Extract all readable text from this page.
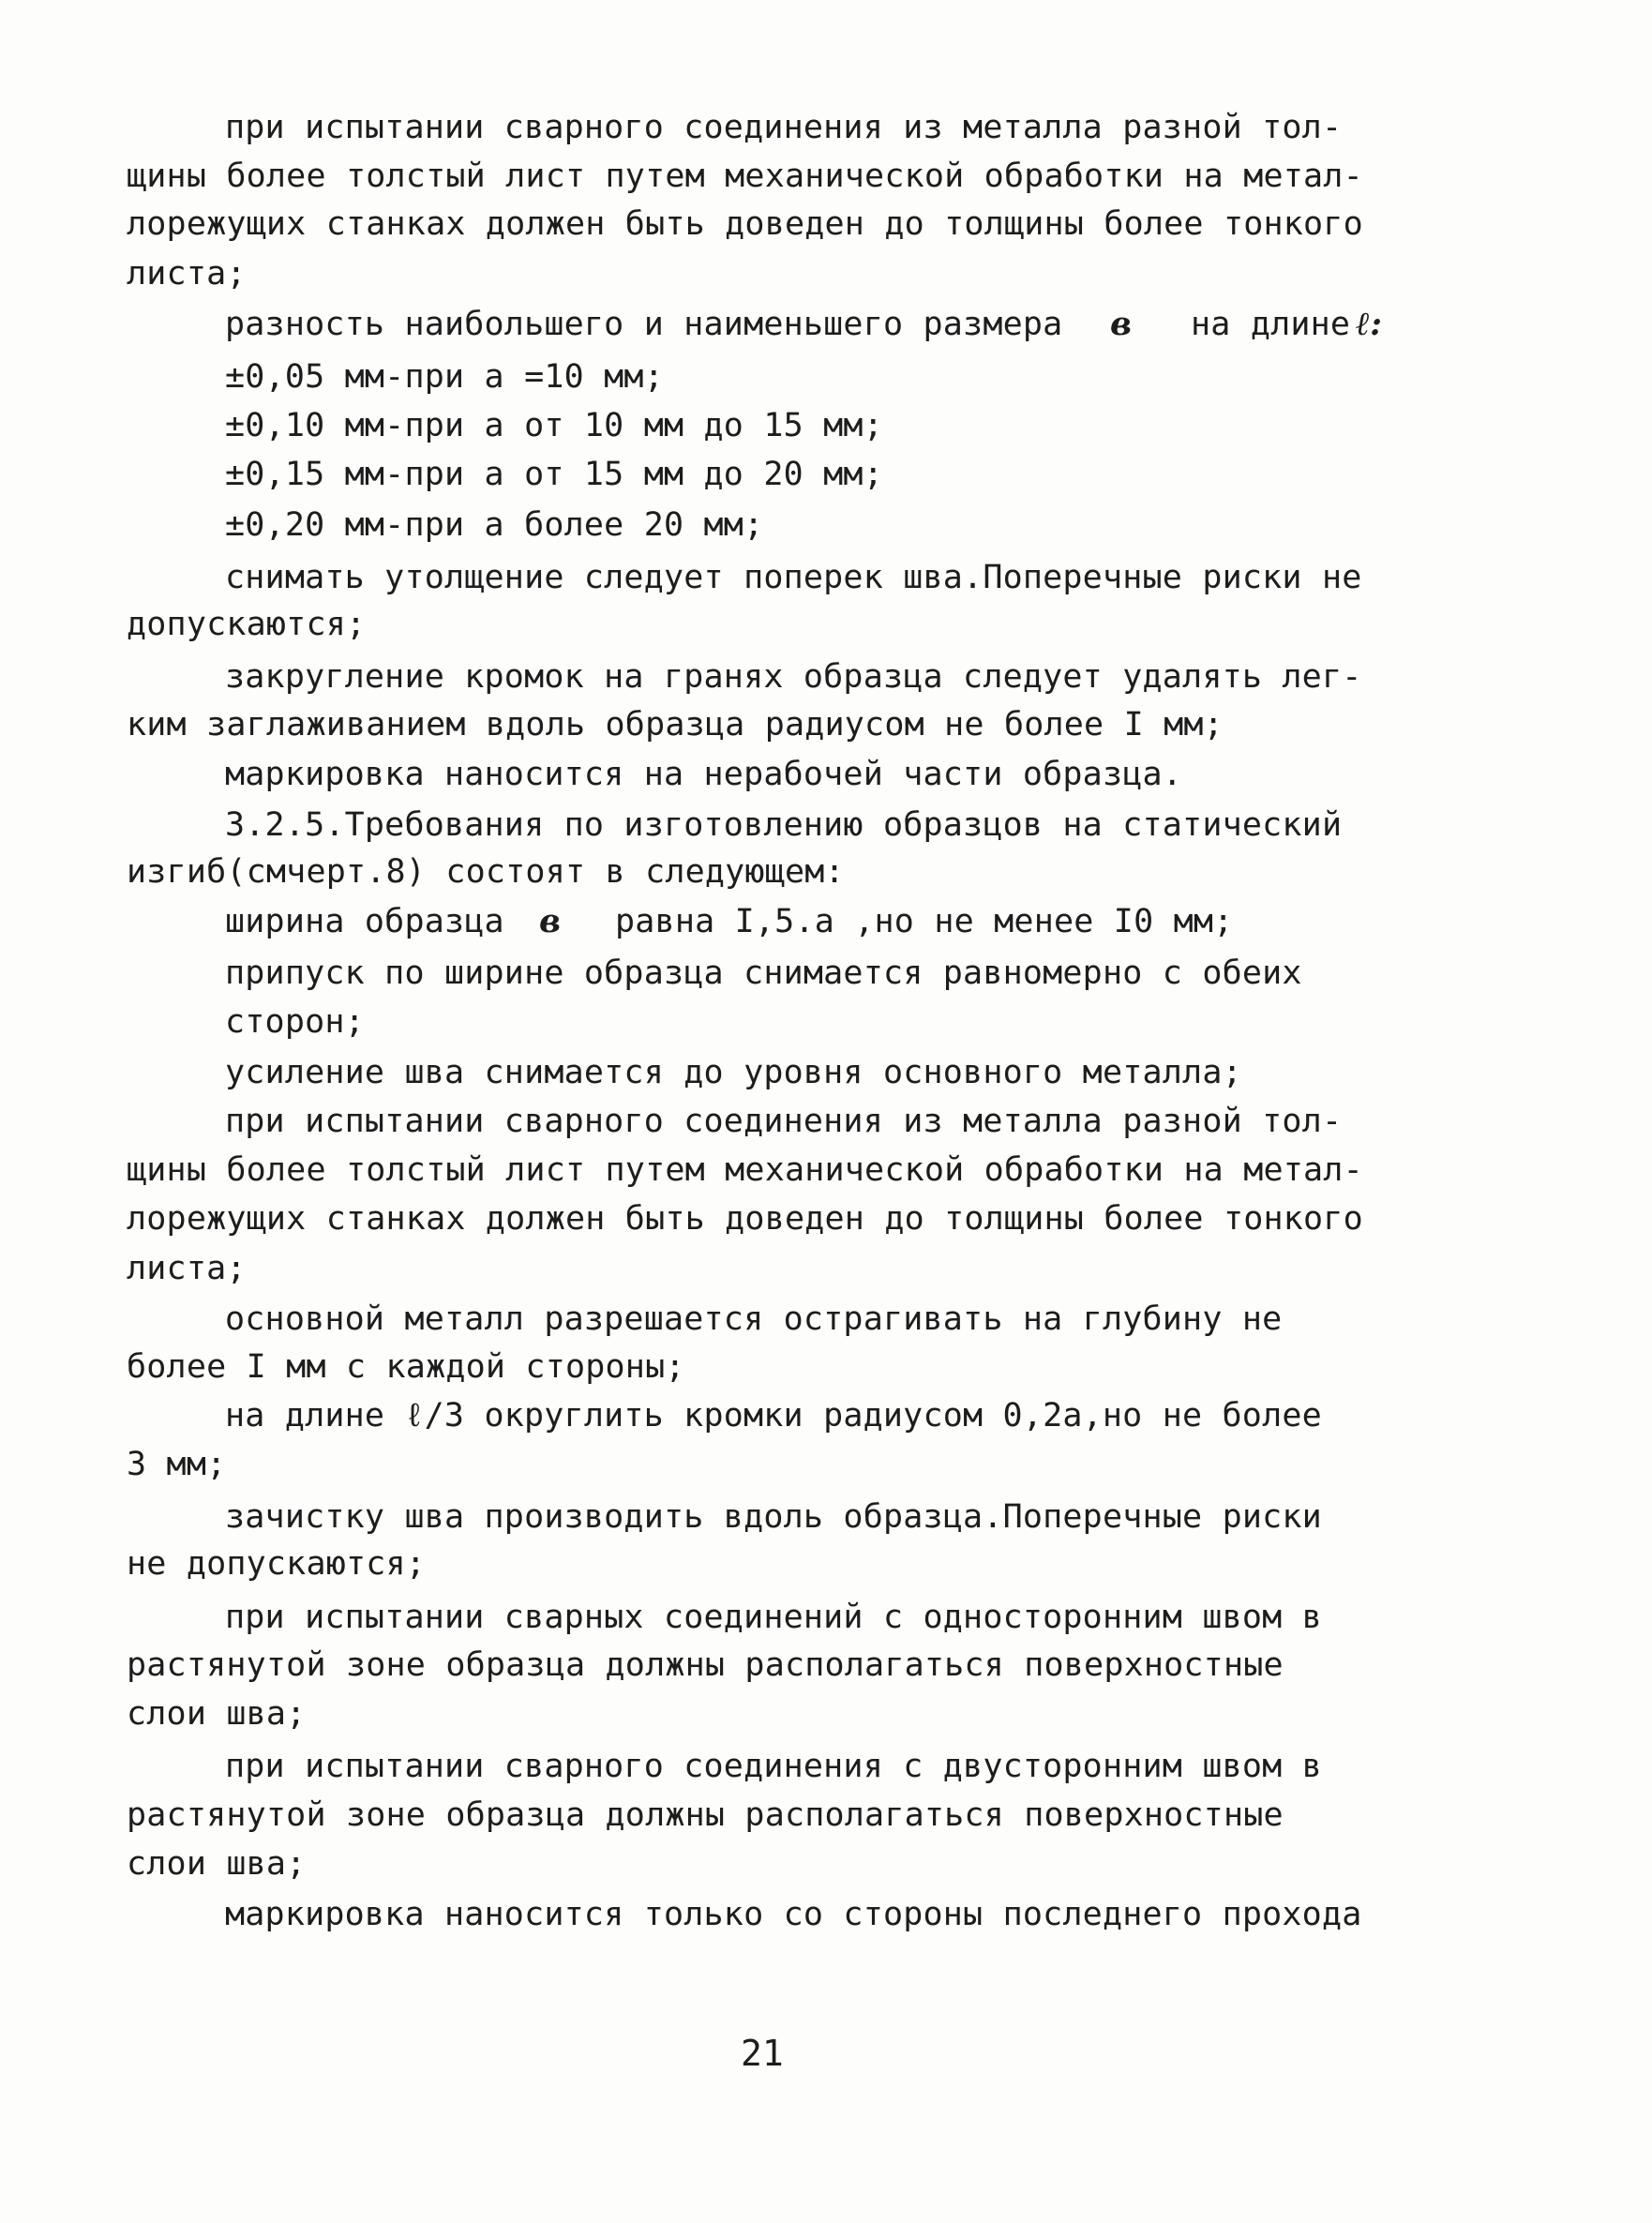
при испытании сварного соединения из металла разной тол-
щины более толстый лист путем механической обработки на метал-
лорежущих станках должен быть доведен до толщины более тонкого
листа;
разность наибольшего и наименьшего размера в на длине ℓ:
±0,05 мм-при а =10 мм;
±0,10 мм-при а от 10 мм до 15 мм;
±0,15 мм-при а от 15 мм до 20 мм;
±0,20 мм-при а более 20 мм;
снимать утолщение следует поперек шва.Поперечные риски не
допускаются;
закругление кромок на гранях образца следует удалять лег-
ким заглаживанием вдоль образца радиусом не более I мм;
маркировка наносится на нерабочей части образца.
3.2.5.Требования по изготовлению образцов на статический
изгиб(смчерт.8) состоят в следующем:
ширина образца в равна I,5.а ,но не менее I0 мм;
припуск по ширине образца снимается равномерно с обеих
сторон;
усиление шва снимается до уровня основного металла;
при испытании сварного соединения из металла разной тол-
щины более толстый лист путем механической обработки на метал-
лорежущих станках должен быть доведен до толщины более тонкого
листа;
основной металл разрешается острагивать на глубину не
более I мм с каждой стороны;
на длине ℓ/3 округлить кромки радиусом 0,2а,но не более
3 мм;
зачистку шва производить вдоль образца.Поперечные риски
не допускаются;
при испытании сварных соединений с односторонним швом в
растянутой зоне образца должны располагаться поверхностные
слои шва;
при испытании сварного соединения с двусторонним швом в
растянутой зоне образца должны располагаться поверхностные
слои шва;
маркировка наносится только со стороны последнего прохода
21
